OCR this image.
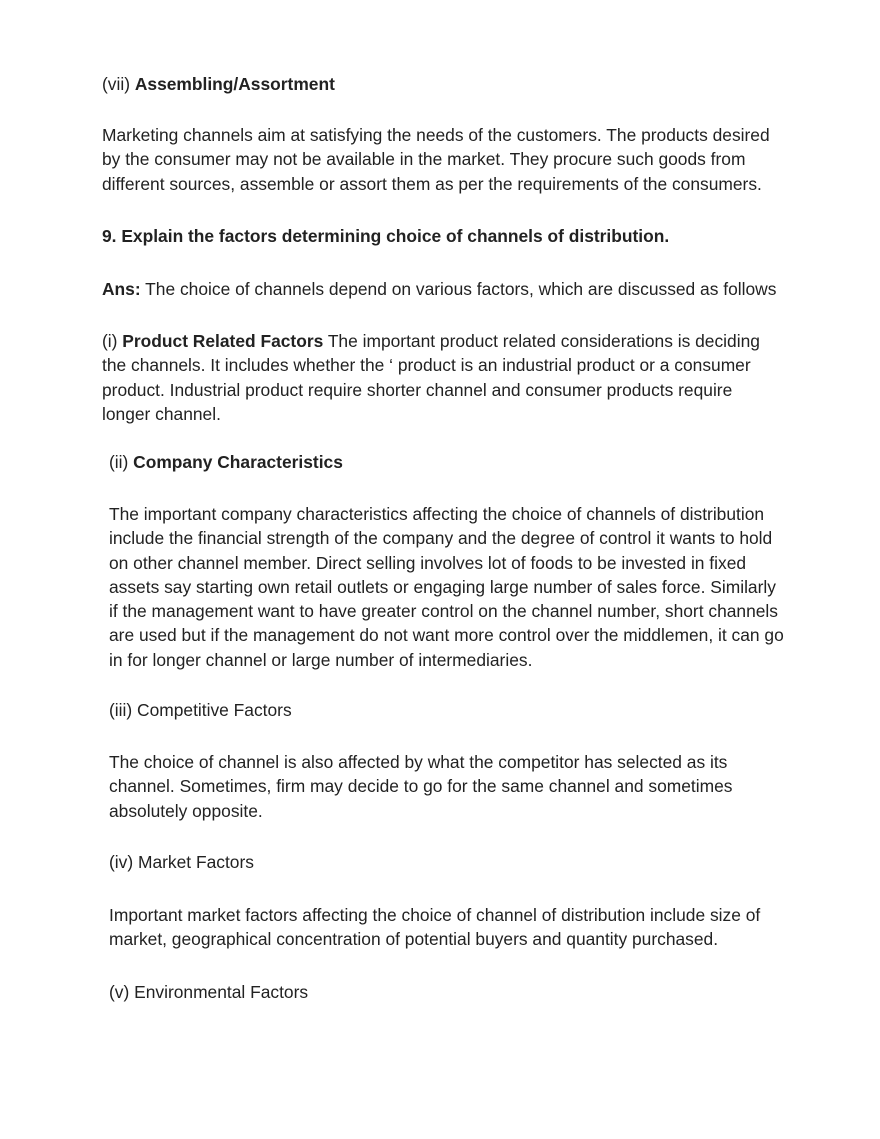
(vii) Assembling/Assortment

Marketing channels aim at satisfying the needs of the customers. The products desired
by the consumer may not be available in the market. They procure such goods from
different sources, assemble or assort them as per the requirements of the consumers.

9. Explain the factors determining choice of channels of distribution.

Ans: The choice of channels depend on various factors, which are discussed as follows

(i) Product Related Factors The important product related considerations is deciding
the channels. It includes whether the ‘ product is an industrial product or a consumer
product. Industrial product require shorter channel and consumer products require
longer channel.

(ii) Company Characteristics

The important company characteristics affecting the choice of channels of distribution
include the financial strength of the company and the degree of control it wants to hold
on other channel member. Direct selling involves lot of foods to be invested in fixed
assets say starting own retail outlets or engaging large number of sales force. Similarly
if the management want to have greater control on the channel number, short channels
are used but if the management do not want more control over the middlemen, it can go
in for longer channel or large number of intermediaries.

(iii) Competitive Factors

The choice of channel is also affected by what the competitor has selected as its
channel. Sometimes, firm may decide to go for the same channel and sometimes
absolutely opposite.

(iv) Market Factors

Important market factors affecting the choice of channel of distribution include size of
market, geographical concentration of potential buyers and quantity purchased.

(v) Environmental Factors
